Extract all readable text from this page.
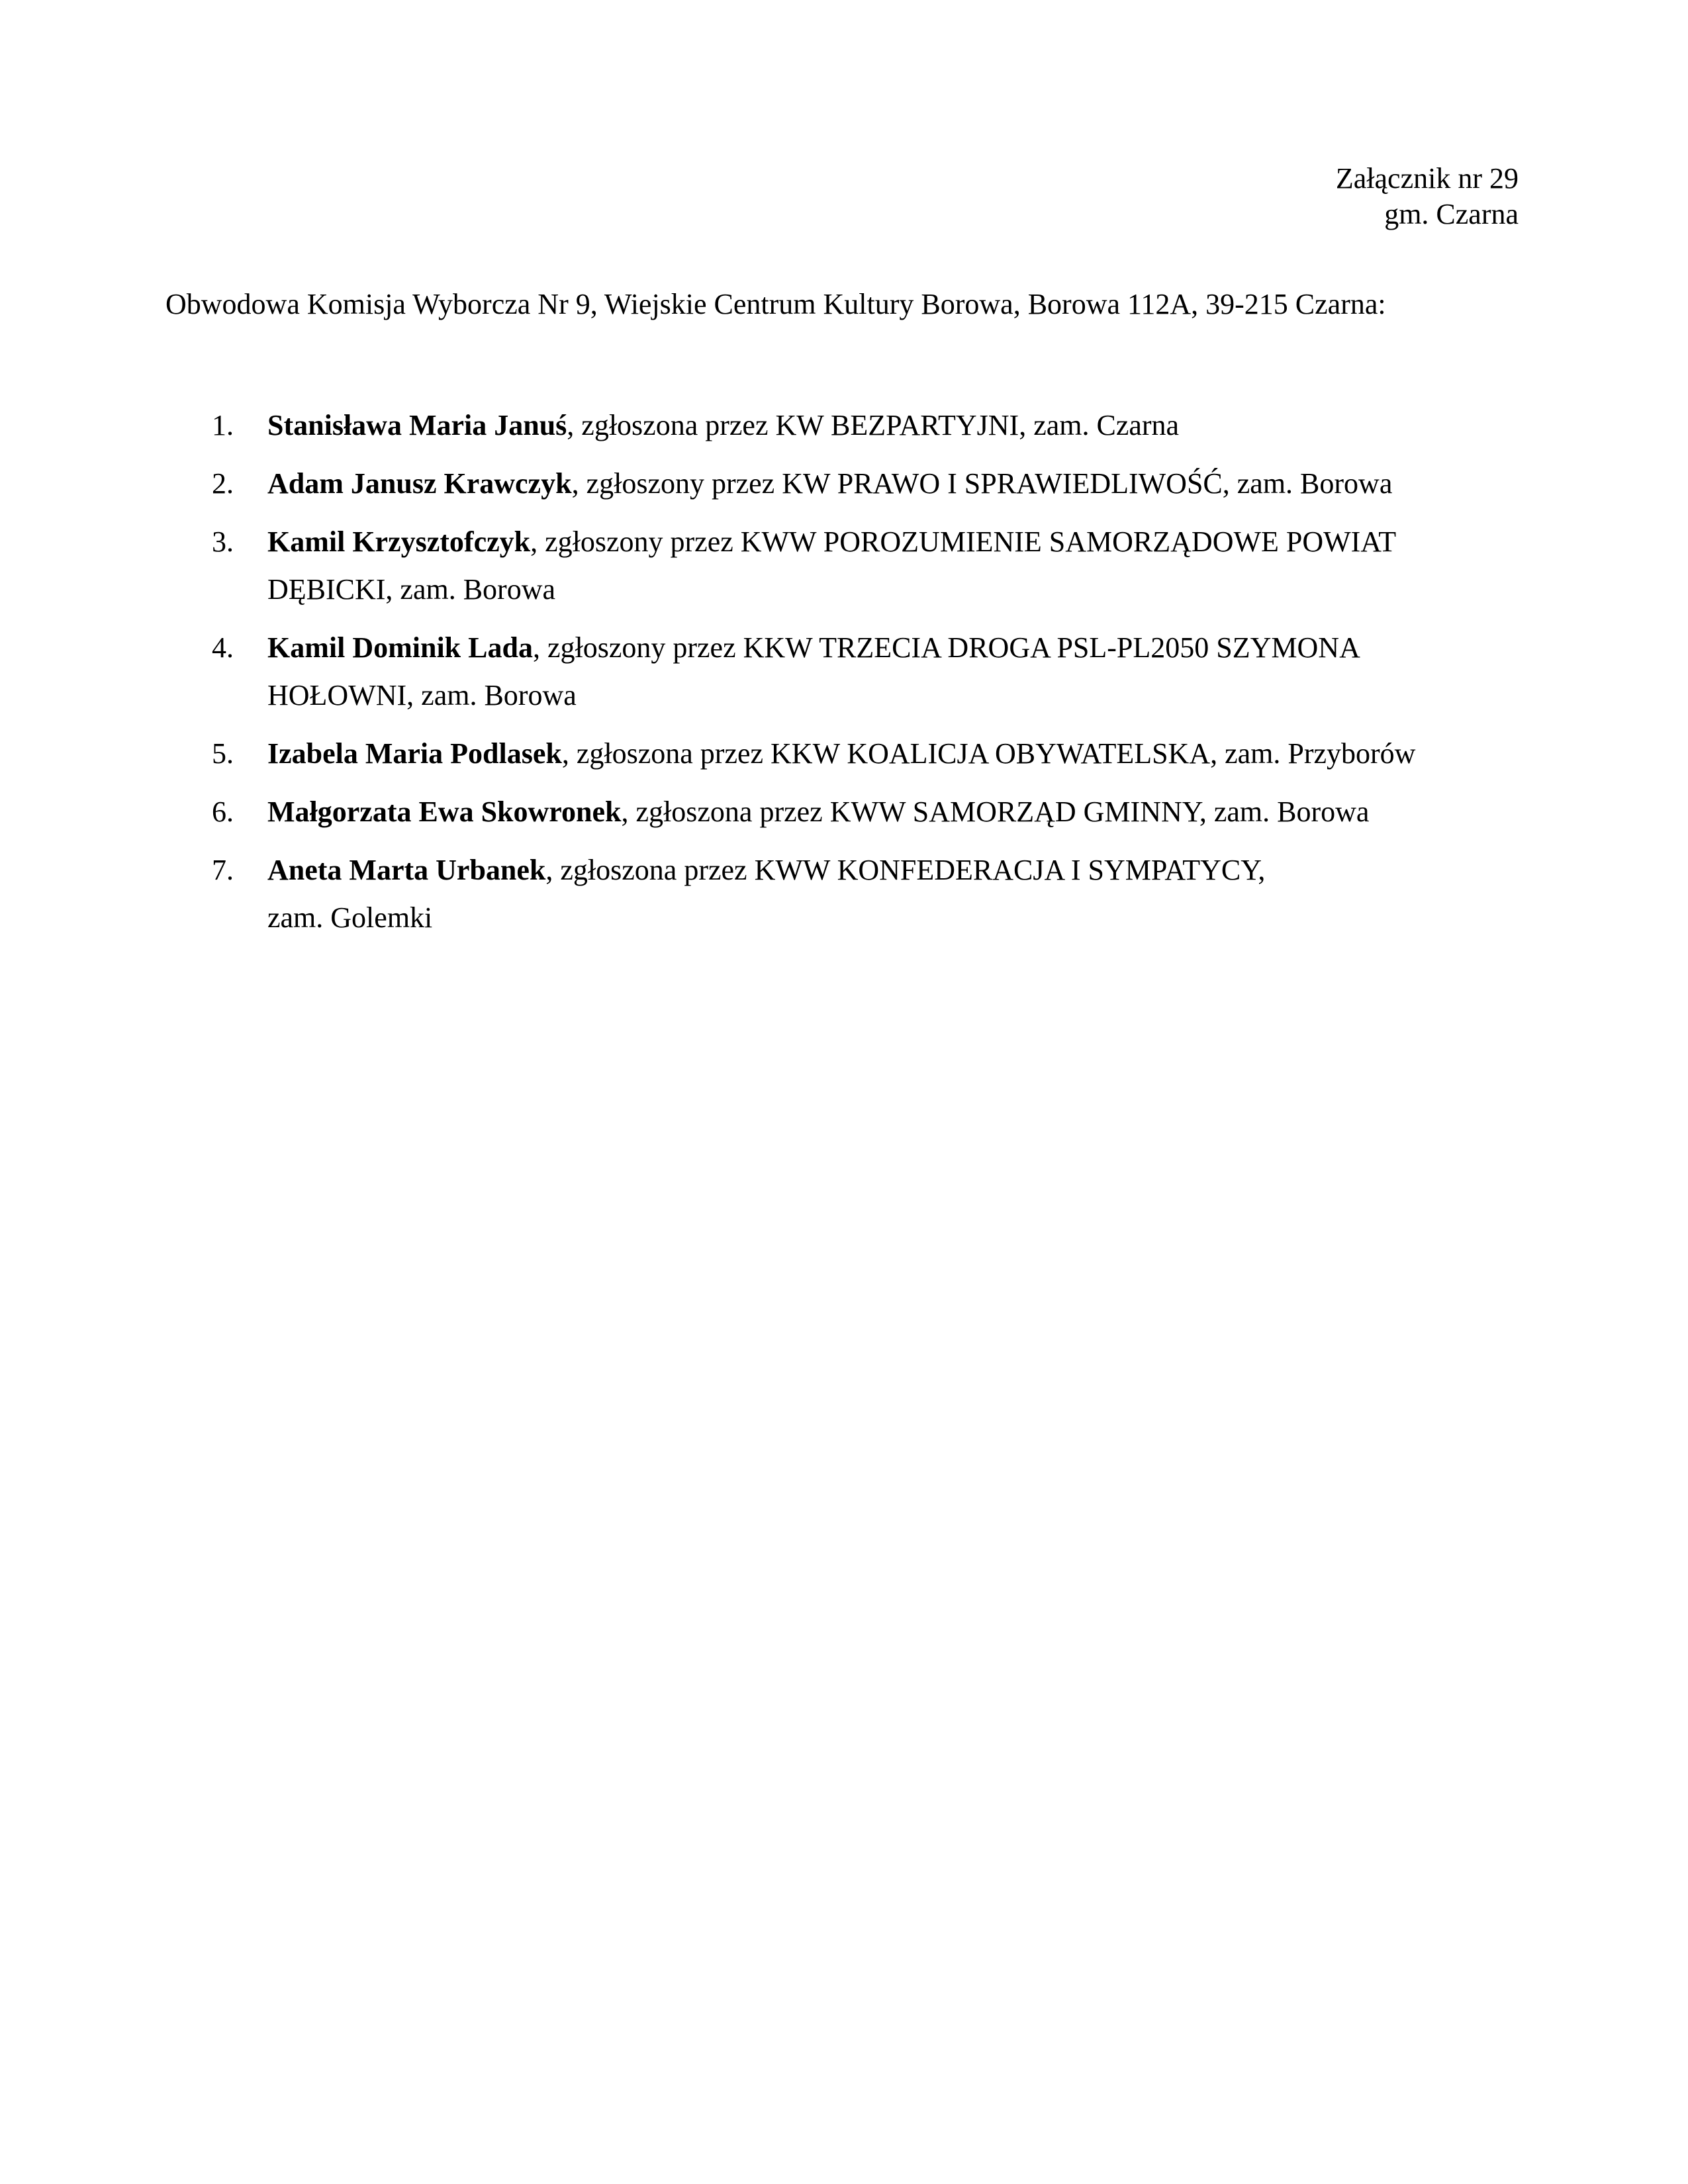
Załącznik nr 29
gm. Czarna
Obwodowa Komisja Wyborcza Nr 9, Wiejskie Centrum Kultury Borowa, Borowa 112A, 39-215 Czarna:
1. Stanisława Maria Januś, zgłoszona przez KW BEZPARTYJNI, zam. Czarna
2. Adam Janusz Krawczyk, zgłoszony przez KW PRAWO I SPRAWIEDLIWOŚĆ, zam. Borowa
3. Kamil Krzysztofczyk, zgłoszony przez KWW POROZUMIENIE SAMORZĄDOWE POWIAT
DĘBICKI, zam. Borowa
4. Kamil Dominik Lada, zgłoszony przez KKW TRZECIA DROGA PSL-PL2050 SZYMONA
HOŁOWNI, zam. Borowa
5. Izabela Maria Podlasek, zgłoszona przez KKW KOALICJA OBYWATELSKA, zam. Przyborów
6. Małgorzata Ewa Skowronek, zgłoszona przez KWW SAMORZĄD GMINNY, zam. Borowa
7. Aneta Marta Urbanek, zgłoszona przez KWW KONFEDERACJA I SYMPATYCY,
zam. Golemki
